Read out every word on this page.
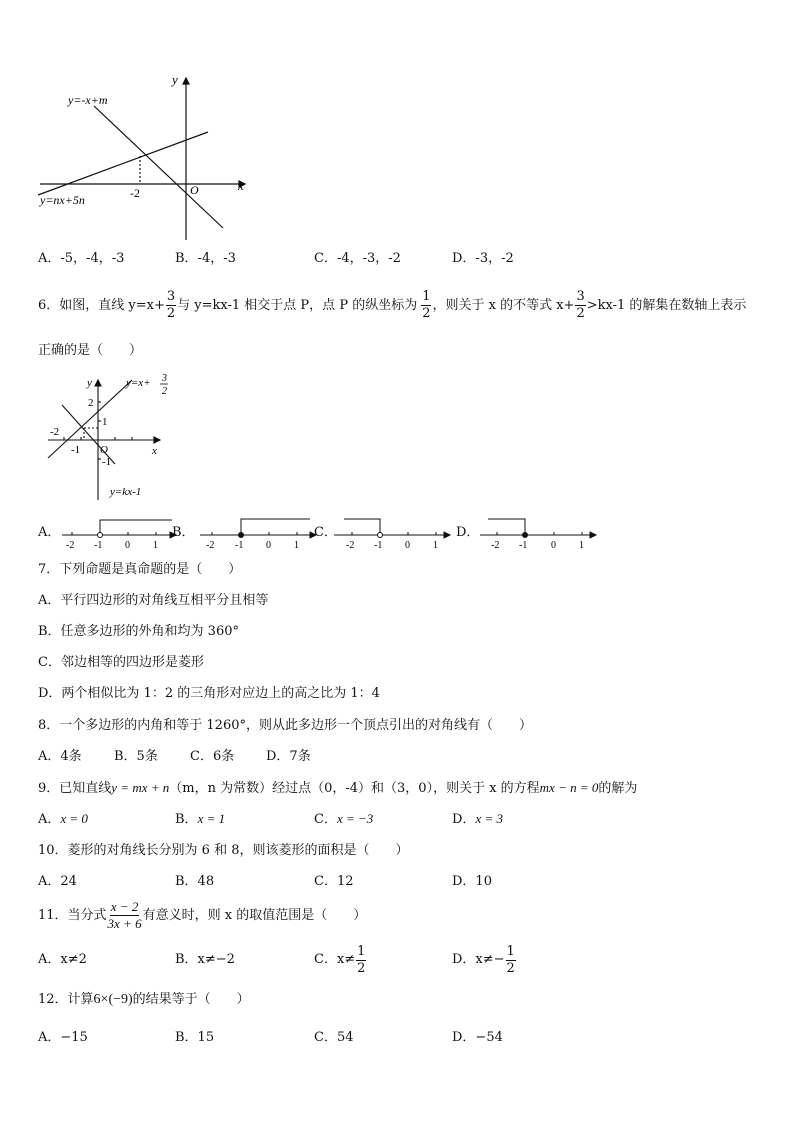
y
x
O
-2
y=-x+m
y=nx+5n
A．-5，-4，-3	B．-4，-3	C．-4，-3，-2	D．-3，-2
6．如图，直线 $y=x+ \frac{3}{2}$ 与 y=kx-1 相交于点 P，点 P 的纵坐标为 $\frac{1}{2}$ ，则关于 x 的不等式 $x+ \frac{3}{2} >kx-1$ 的解集在数轴上表示
正确的是（　　）
y
x
O
2
1
-1
-2
-1
y=x+ 3
2
y=kx-1
A．
-2 -1 0 1
B．
-2 -1 0 1
C．
-2 -1 0 1
D．
-2 -1 0 1
7．下列命题是真命题的是（　　）
A．平行四边形的对角线互相平分且相等
B．任意多边形的外角和均为 360°
C．邻边相等的四边形是菱形
D．两个相似比为 1：2 的三角形对应边上的高之比为 1：4
8．一个多边形的内角和等于 1260°，则从此多边形一个顶点引出的对角线有（　　）
A．4条 B．5条 C．6条 D．7条
9．已知直线y = mx + n（m，n 为常数）经过点（0，-4）和（3，0），则关于 x 的方程mx − n = 0的解为
A．x = 0	B．x = 1	C．x = −3	D．x = 3
10．菱形的对角线长分别为 6 和 8，则该菱形的面积是（　　）
A．24	B．48	C．12	D．10
11．当分式 $\frac{x - 2}{3x + 6}$ 有意义时，则 x 的取值范围是（　　）
A．x≠2	B．x≠−2	C．$x\ne \frac{1}{2}$	D．$x\ne- \frac{1}{2}$
12．计算6×(−9)的结果等于（　　）
A．−15	B．15	C．54	D．−54
